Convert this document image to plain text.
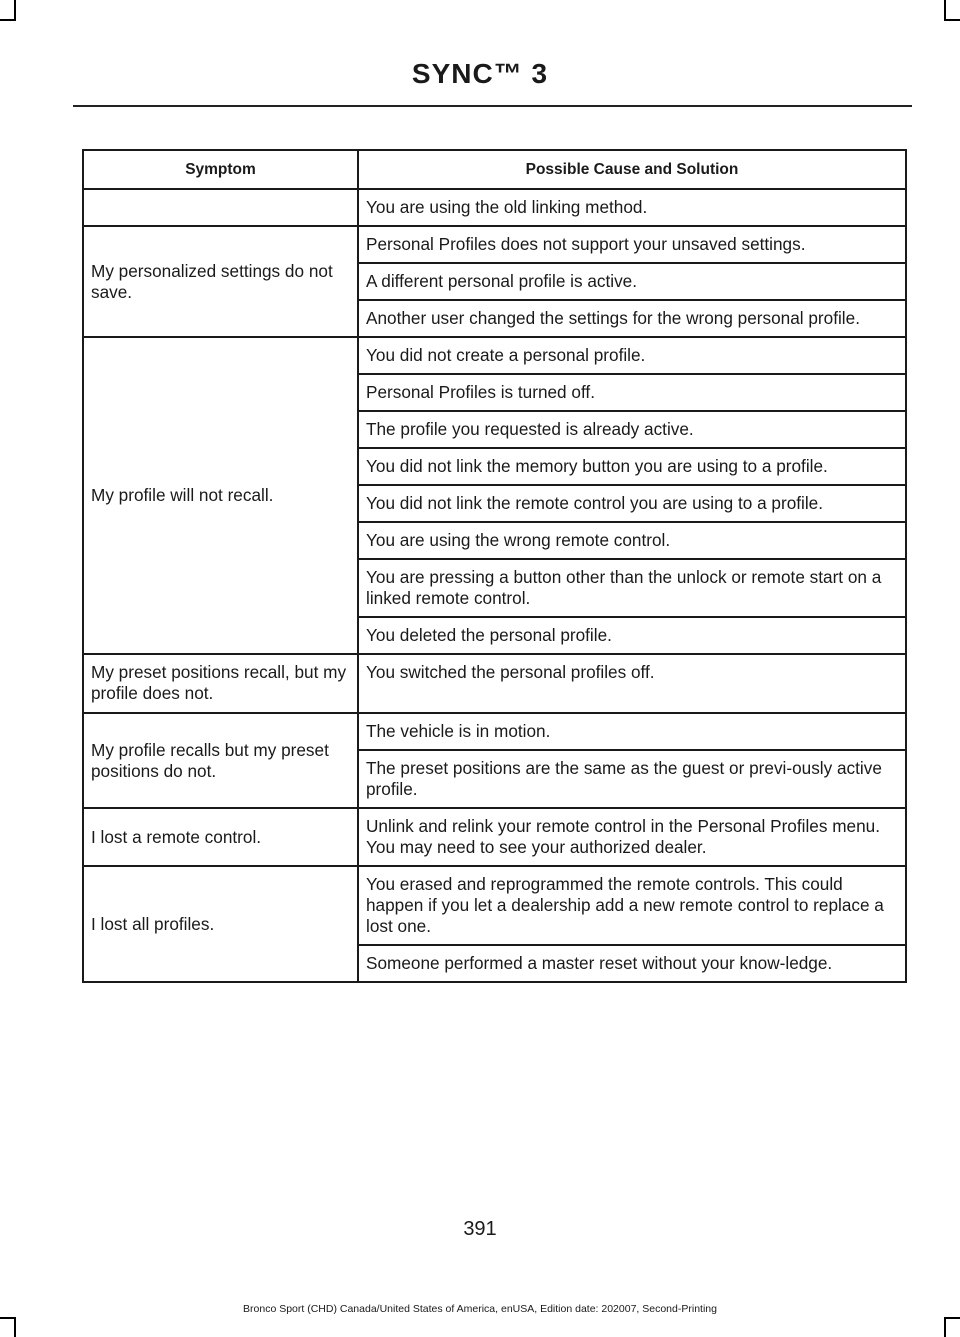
SYNC™ 3
Symptom	Possible Cause and Solution
	You are using the old linking method.
My personalized settings do not save.	Personal Profiles does not support your unsaved settings.
	A different personal profile is active.
	Another user changed the settings for the wrong personal profile.
My profile will not recall.	You did not create a personal profile.
	Personal Profiles is turned off.
	The profile you requested is already active.
	You did not link the memory button you are using to a profile.
	You did not link the remote control you are using to a profile.
	You are using the wrong remote control.
	You are pressing a button other than the unlock or remote start on a linked remote control.
	You deleted the personal profile.
My preset positions recall, but my profile does not.	You switched the personal profiles off.
My profile recalls but my preset positions do not.	The vehicle is in motion.
	The preset positions are the same as the guest or previ-ously active profile.
I lost a remote control.	Unlink and relink your remote control in the Personal Profiles menu. You may need to see your authorized dealer.
I lost all profiles.	You erased and reprogrammed the remote controls. This could happen if you let a dealership add a new remote control to replace a lost one.
	Someone performed a master reset without your know-ledge.
391
Bronco Sport (CHD) Canada/United States of America, enUSA, Edition date: 202007, Second-Printing
